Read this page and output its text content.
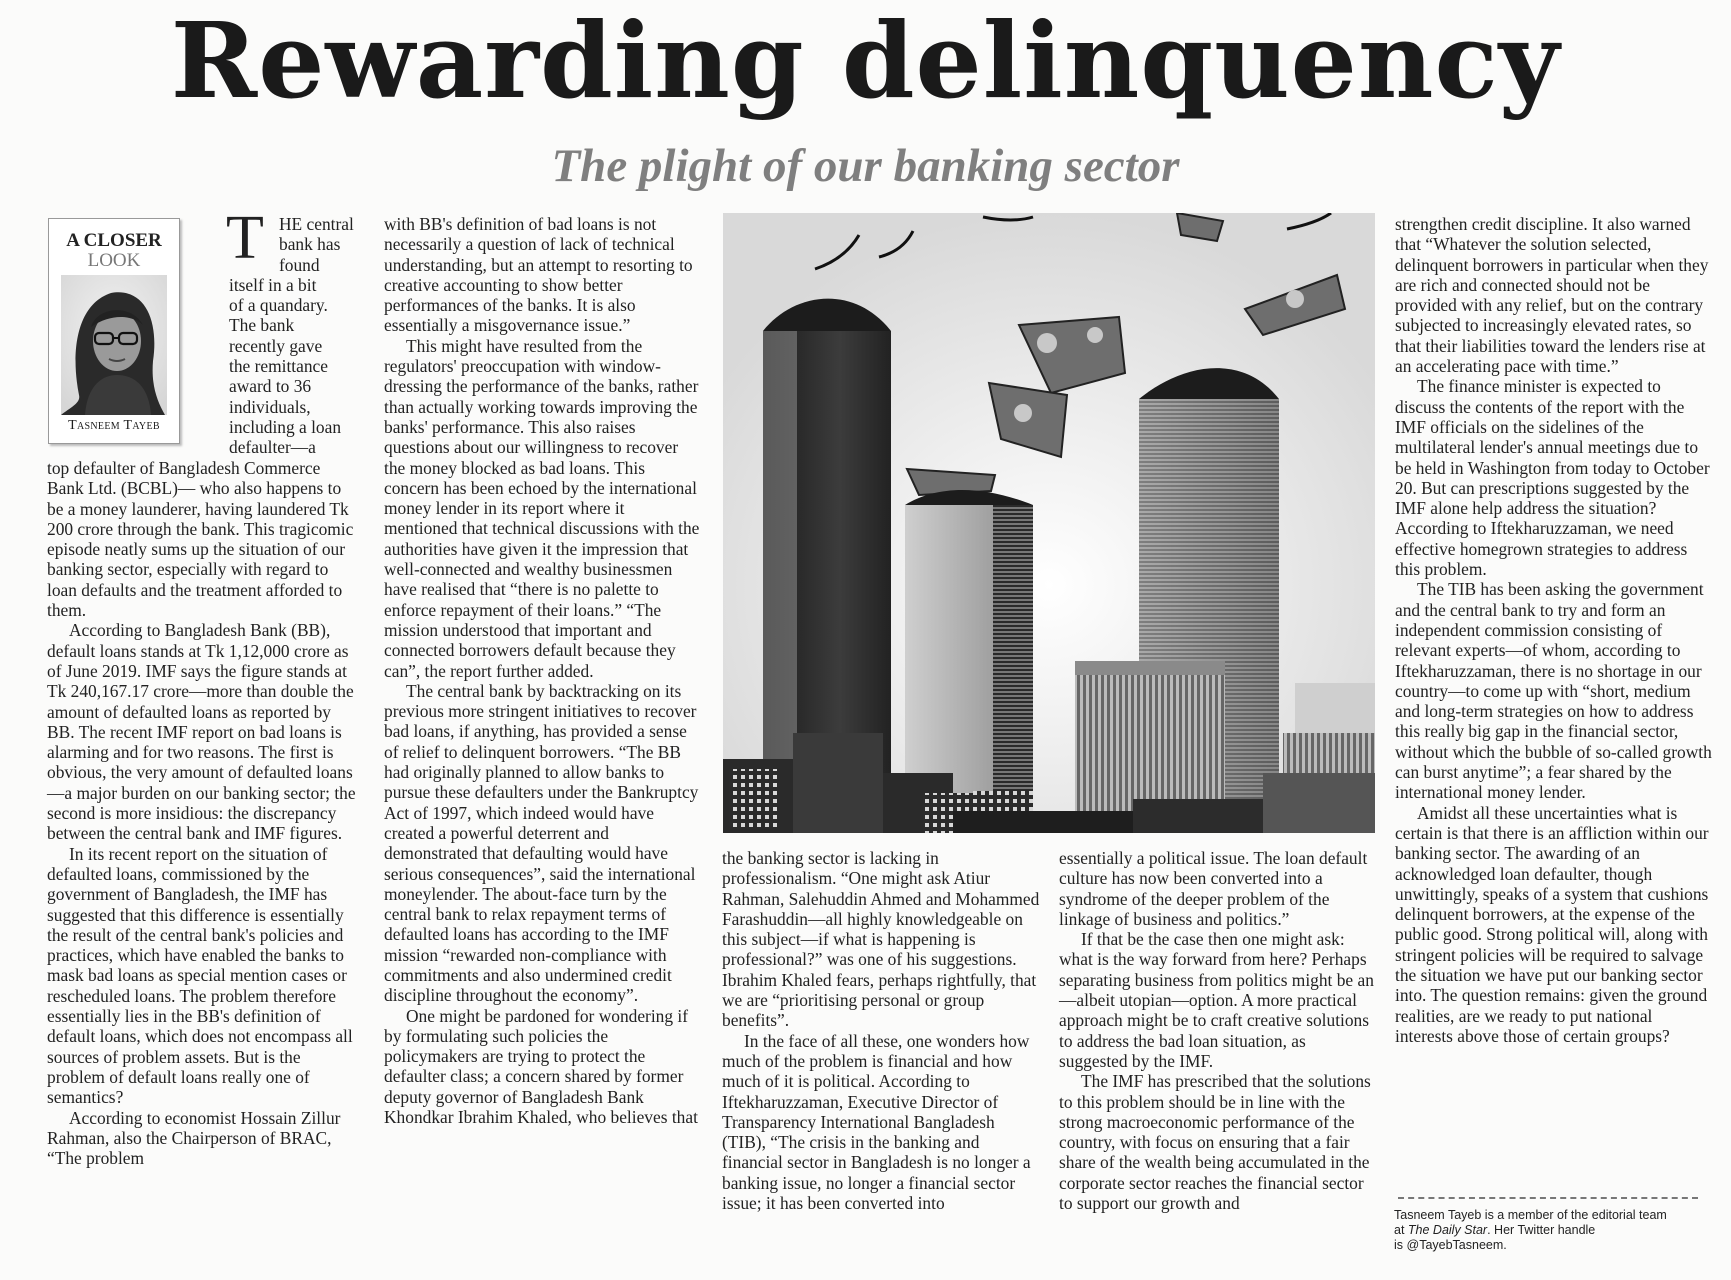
Rewarding delinquency
The plight of our banking sector
A CLOSER
LOOK
Tasneem Tayeb
T HE central
bank has
found
itself in a bit
of a quandary.
The bank
recently gave
the remittance
award to 36
individuals,
including a loan
defaulter—a

top defaulter of Bangladesh Commerce Bank Ltd. (BCBL)— who also happens to be a money launderer, having laundered Tk 200 crore through the bank. This tragicomic episode neatly sums up the situation of our banking sector, especially with regard to loan defaults and the treatment afforded to them.

According to Bangladesh Bank (BB), default loans stands at Tk 1,12,000 crore as of June 2019. IMF says the figure stands at Tk 240,167.17 crore—more than double the amount of defaulted loans as reported by BB. The recent IMF report on bad loans is alarming and for two reasons. The first is obvious, the very amount of defaulted loans—a major burden on our banking sector; the second is more insidious: the discrepancy between the central bank and IMF figures.

In its recent report on the situation of defaulted loans, commissioned by the government of Bangladesh, the IMF has suggested that this difference is essentially the result of the central bank's policies and practices, which have enabled the banks to mask bad loans as special mention cases or rescheduled loans. The problem therefore essentially lies in the BB's definition of default loans, which does not encompass all sources of problem assets. But is the problem of default loans really one of semantics?

According to economist Hossain Zillur Rahman, also the Chairperson of BRAC, “The problem

with BB's definition of bad loans is not necessarily a question of lack of technical understanding, but an attempt to resorting to creative accounting to show better performances of the banks. It is also essentially a misgovernance issue.”

This might have resulted from the regulators' preoccupation with window-dressing the performance of the banks, rather than actually working towards improving the banks' performance. This also raises questions about our willingness to recover the money blocked as bad loans. This concern has been echoed by the international money lender in its report where it mentioned that technical discussions with the authorities have given it the impression that well-connected and wealthy businessmen have realised that “there is no palette to enforce repayment of their loans.” “The mission understood that important and connected borrowers default because they can”, the report further added.

The central bank by backtracking on its previous more stringent initiatives to recover bad loans, if anything, has provided a sense of relief to delinquent borrowers. “The BB had originally planned to allow banks to pursue these defaulters under the Bankruptcy Act of 1997, which indeed would have created a powerful deterrent and demonstrated that defaulting would have serious consequences”, said the international moneylender. The about-face turn by the central bank to relax repayment terms of defaulted loans has according to the IMF mission “rewarded non-compliance with commitments and also undermined credit discipline throughout the economy”.

One might be pardoned for wondering if by formulating such policies the policymakers are trying to protect the defaulter class; a concern shared by former deputy governor of Bangladesh Bank Khondkar Ibrahim Khaled, who believes that

the banking sector is lacking in professionalism. “One might ask Atiur Rahman, Salehuddin Ahmed and Mohammed Farashuddin—all highly knowledgeable on this subject—if what is happening is professional?” was one of his suggestions. Ibrahim Khaled fears, perhaps rightfully, that we are “prioritising personal or group benefits”.

In the face of all these, one wonders how much of the problem is financial and how much of it is political. According to Iftekharuzzaman, Executive Director of Transparency International Bangladesh (TIB), “The crisis in the banking and financial sector in Bangladesh is no longer a banking issue, no longer a financial sector issue; it has been converted into

essentially a political issue. The loan default culture has now been converted into a syndrome of the deeper problem of the linkage of business and politics.”

If that be the case then one might ask: what is the way forward from here? Perhaps separating business from politics might be an—albeit utopian—option. A more practical approach might be to craft creative solutions to address the bad loan situation, as suggested by the IMF.

The IMF has prescribed that the solutions to this problem should be in line with the strong macroeconomic performance of the country, with focus on ensuring that a fair share of the wealth being accumulated in the corporate sector reaches the financial sector to support our growth and

strengthen credit discipline. It also warned that “Whatever the solution selected, delinquent borrowers in particular when they are rich and connected should not be provided with any relief, but on the contrary subjected to increasingly elevated rates, so that their liabilities toward the lenders rise at an accelerating pace with time.”

The finance minister is expected to discuss the contents of the report with the IMF officials on the sidelines of the multilateral lender's annual meetings due to be held in Washington from today to October 20. But can prescriptions suggested by the IMF alone help address the situation? According to Iftekharuzzaman, we need effective homegrown strategies to address this problem.

The TIB has been asking the government and the central bank to try and form an independent commission consisting of relevant experts—of whom, according to Iftekharuzzaman, there is no shortage in our country—to come up with “short, medium and long-term strategies on how to address this really big gap in the financial sector, without which the bubble of so-called growth can burst anytime”; a fear shared by the international money lender.

Amidst all these uncertainties what is certain is that there is an affliction within our banking sector. The awarding of an acknowledged loan defaulter, though unwittingly, speaks of a system that cushions delinquent borrowers, at the expense of the public good. Strong political will, along with stringent policies will be required to salvage the situation we have put our banking sector into. The question remains: given the ground realities, are we ready to put national interests above those of certain groups?

Tasneem Tayeb is a member of the editorial team
at The Daily Star. Her Twitter handle
is @TayebTasneem.
